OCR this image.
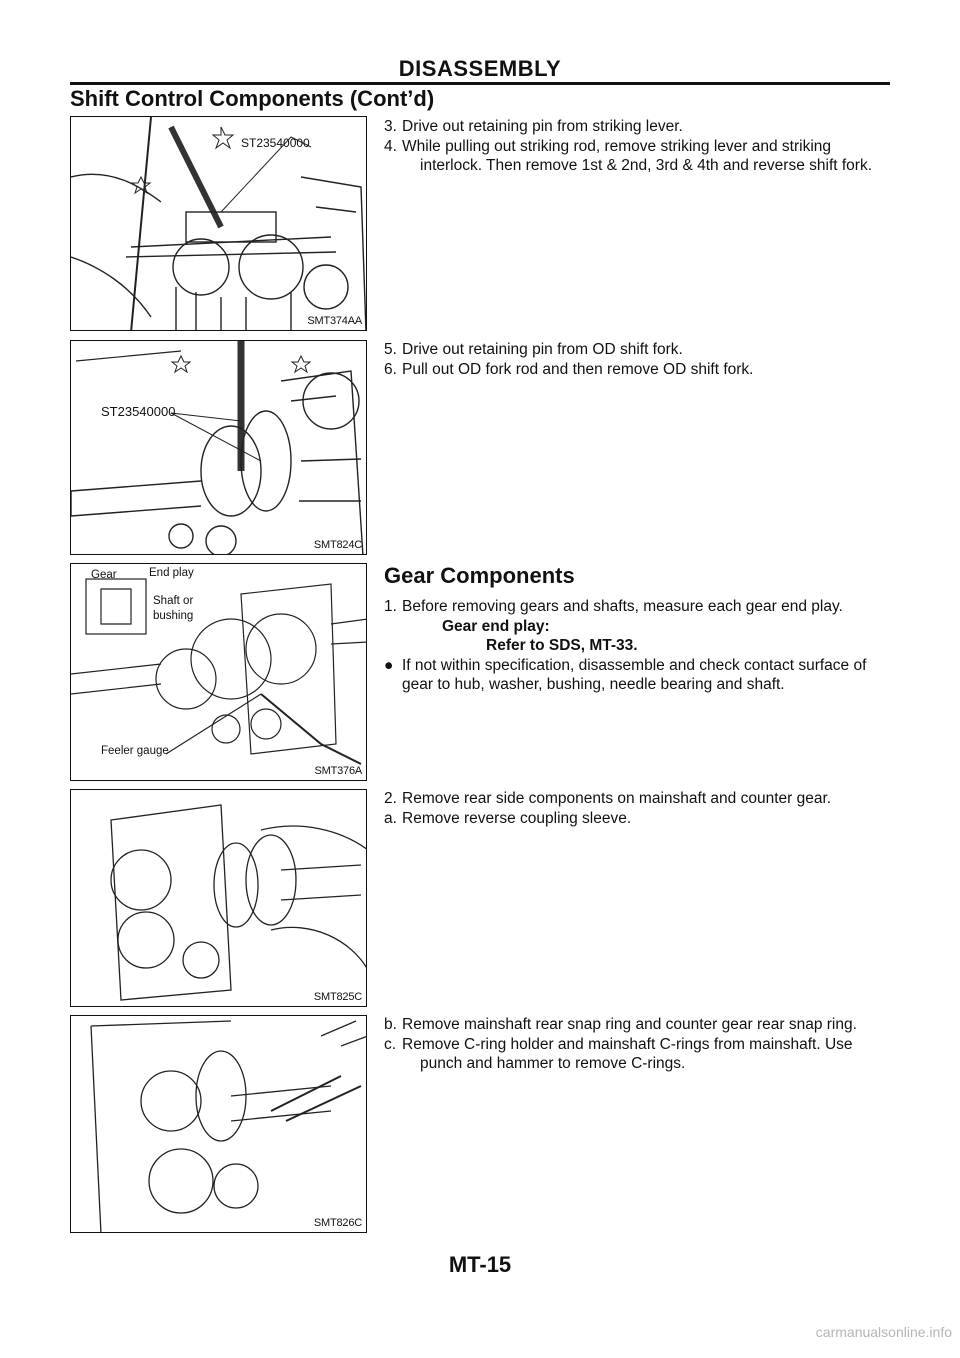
DISASSEMBLY
Shift Control Components (Cont’d)
ST23540000
SMT374AA
3. Drive out retaining pin from striking lever.
4. While pulling out striking rod, remove striking lever and striking interlock. Then remove 1st & 2nd, 3rd & 4th and reverse shift fork.
ST23540000
SMT824C
5. Drive out retaining pin from OD shift fork.
6. Pull out OD fork rod and then remove OD shift fork.
Gear	End play
Shaft or
bushing
Feeler gauge
SMT376A
Gear Components
1. Before removing gears and shafts, measure each gear end play.
Gear end play:
Refer to SDS, MT-33.
● If not within specification, disassemble and check contact surface of gear to hub, washer, bushing, needle bearing and shaft.
SMT825C
2. Remove rear side components on mainshaft and counter gear.
a. Remove reverse coupling sleeve.
SMT826C
b. Remove mainshaft rear snap ring and counter gear rear snap ring.
c. Remove C-ring holder and mainshaft C-rings from mainshaft. Use punch and hammer to remove C-rings.
MT-15
carmanualsonline.info
